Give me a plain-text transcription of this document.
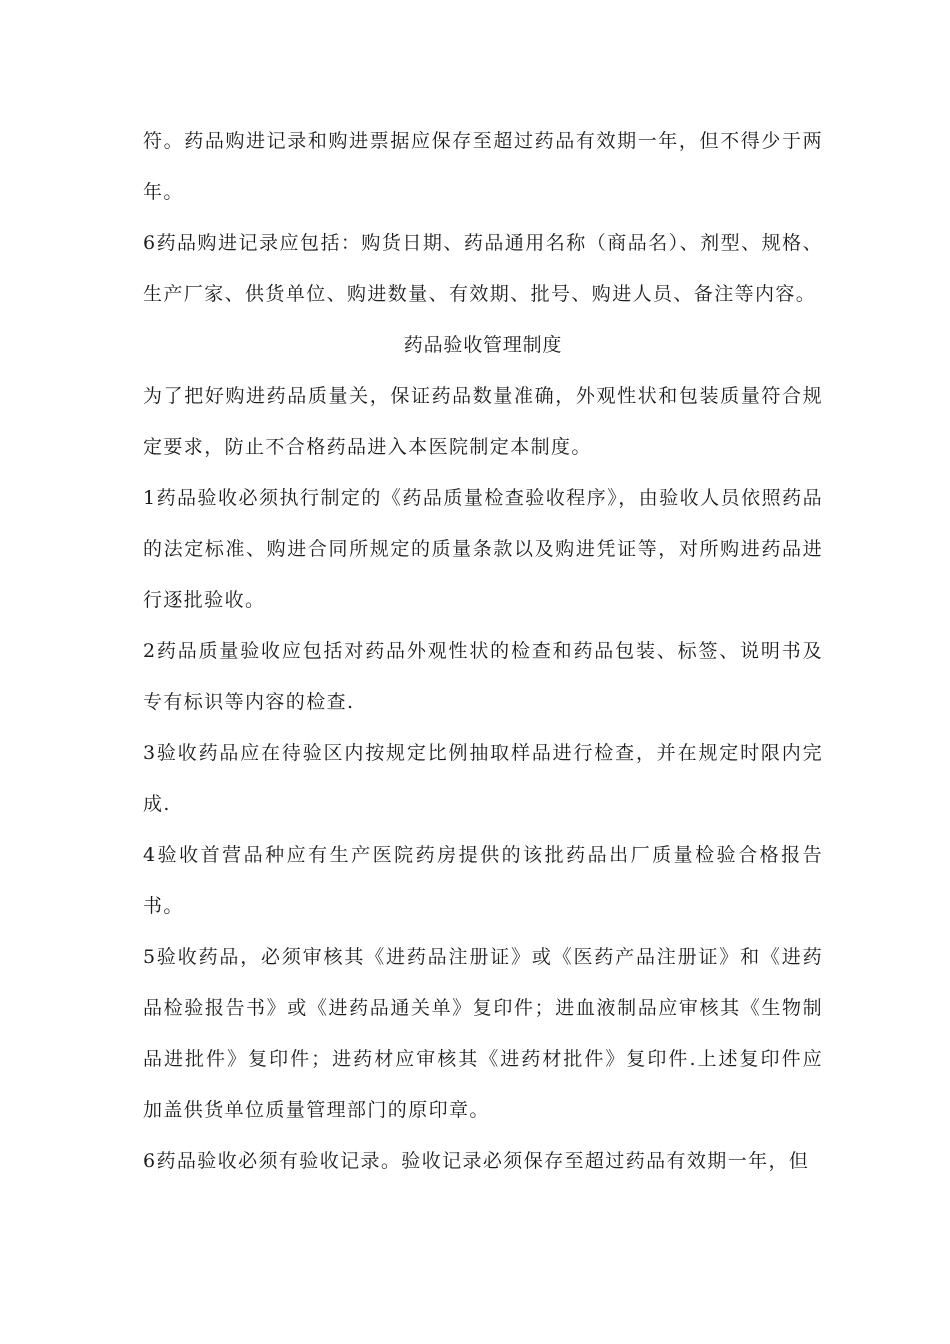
符。药品购进记录和购进票据应保存至超过药品有效期一年，但不得少于两年。

6药品购进记录应包括：购货日期、药品通用名称（商品名）、剂型、规格、生产厂家、供货单位、购进数量、有效期、批号、购进人员、备注等内容。

药品验收管理制度

为了把好购进药品质量关，保证药品数量准确，外观性状和包装质量符合规定要求，防止不合格药品进入本医院制定本制度。

1药品验收必须执行制定的《药品质量检查验收程序》，由验收人员依照药品的法定标准、购进合同所规定的质量条款以及购进凭证等，对所购进药品进行逐批验收。

2药品质量验收应包括对药品外观性状的检查和药品包装、标签、说明书及专有标识等内容的检查.

3验收药品应在待验区内按规定比例抽取样品进行检查，并在规定时限内完成.

4验收首营品种应有生产医院药房提供的该批药品出厂质量检验合格报告书。

5验收药品，必须审核其《进药品注册证》或《医药产品注册证》和《进药品检验报告书》或《进药品通关单》复印件；进血液制品应审核其《生物制品进批件》复印件；进药材应审核其《进药材批件》复印件.上述复印件应加盖供货单位质量管理部门的原印章。

6药品验收必须有验收记录。验收记录必须保存至超过药品有效期一年，但
